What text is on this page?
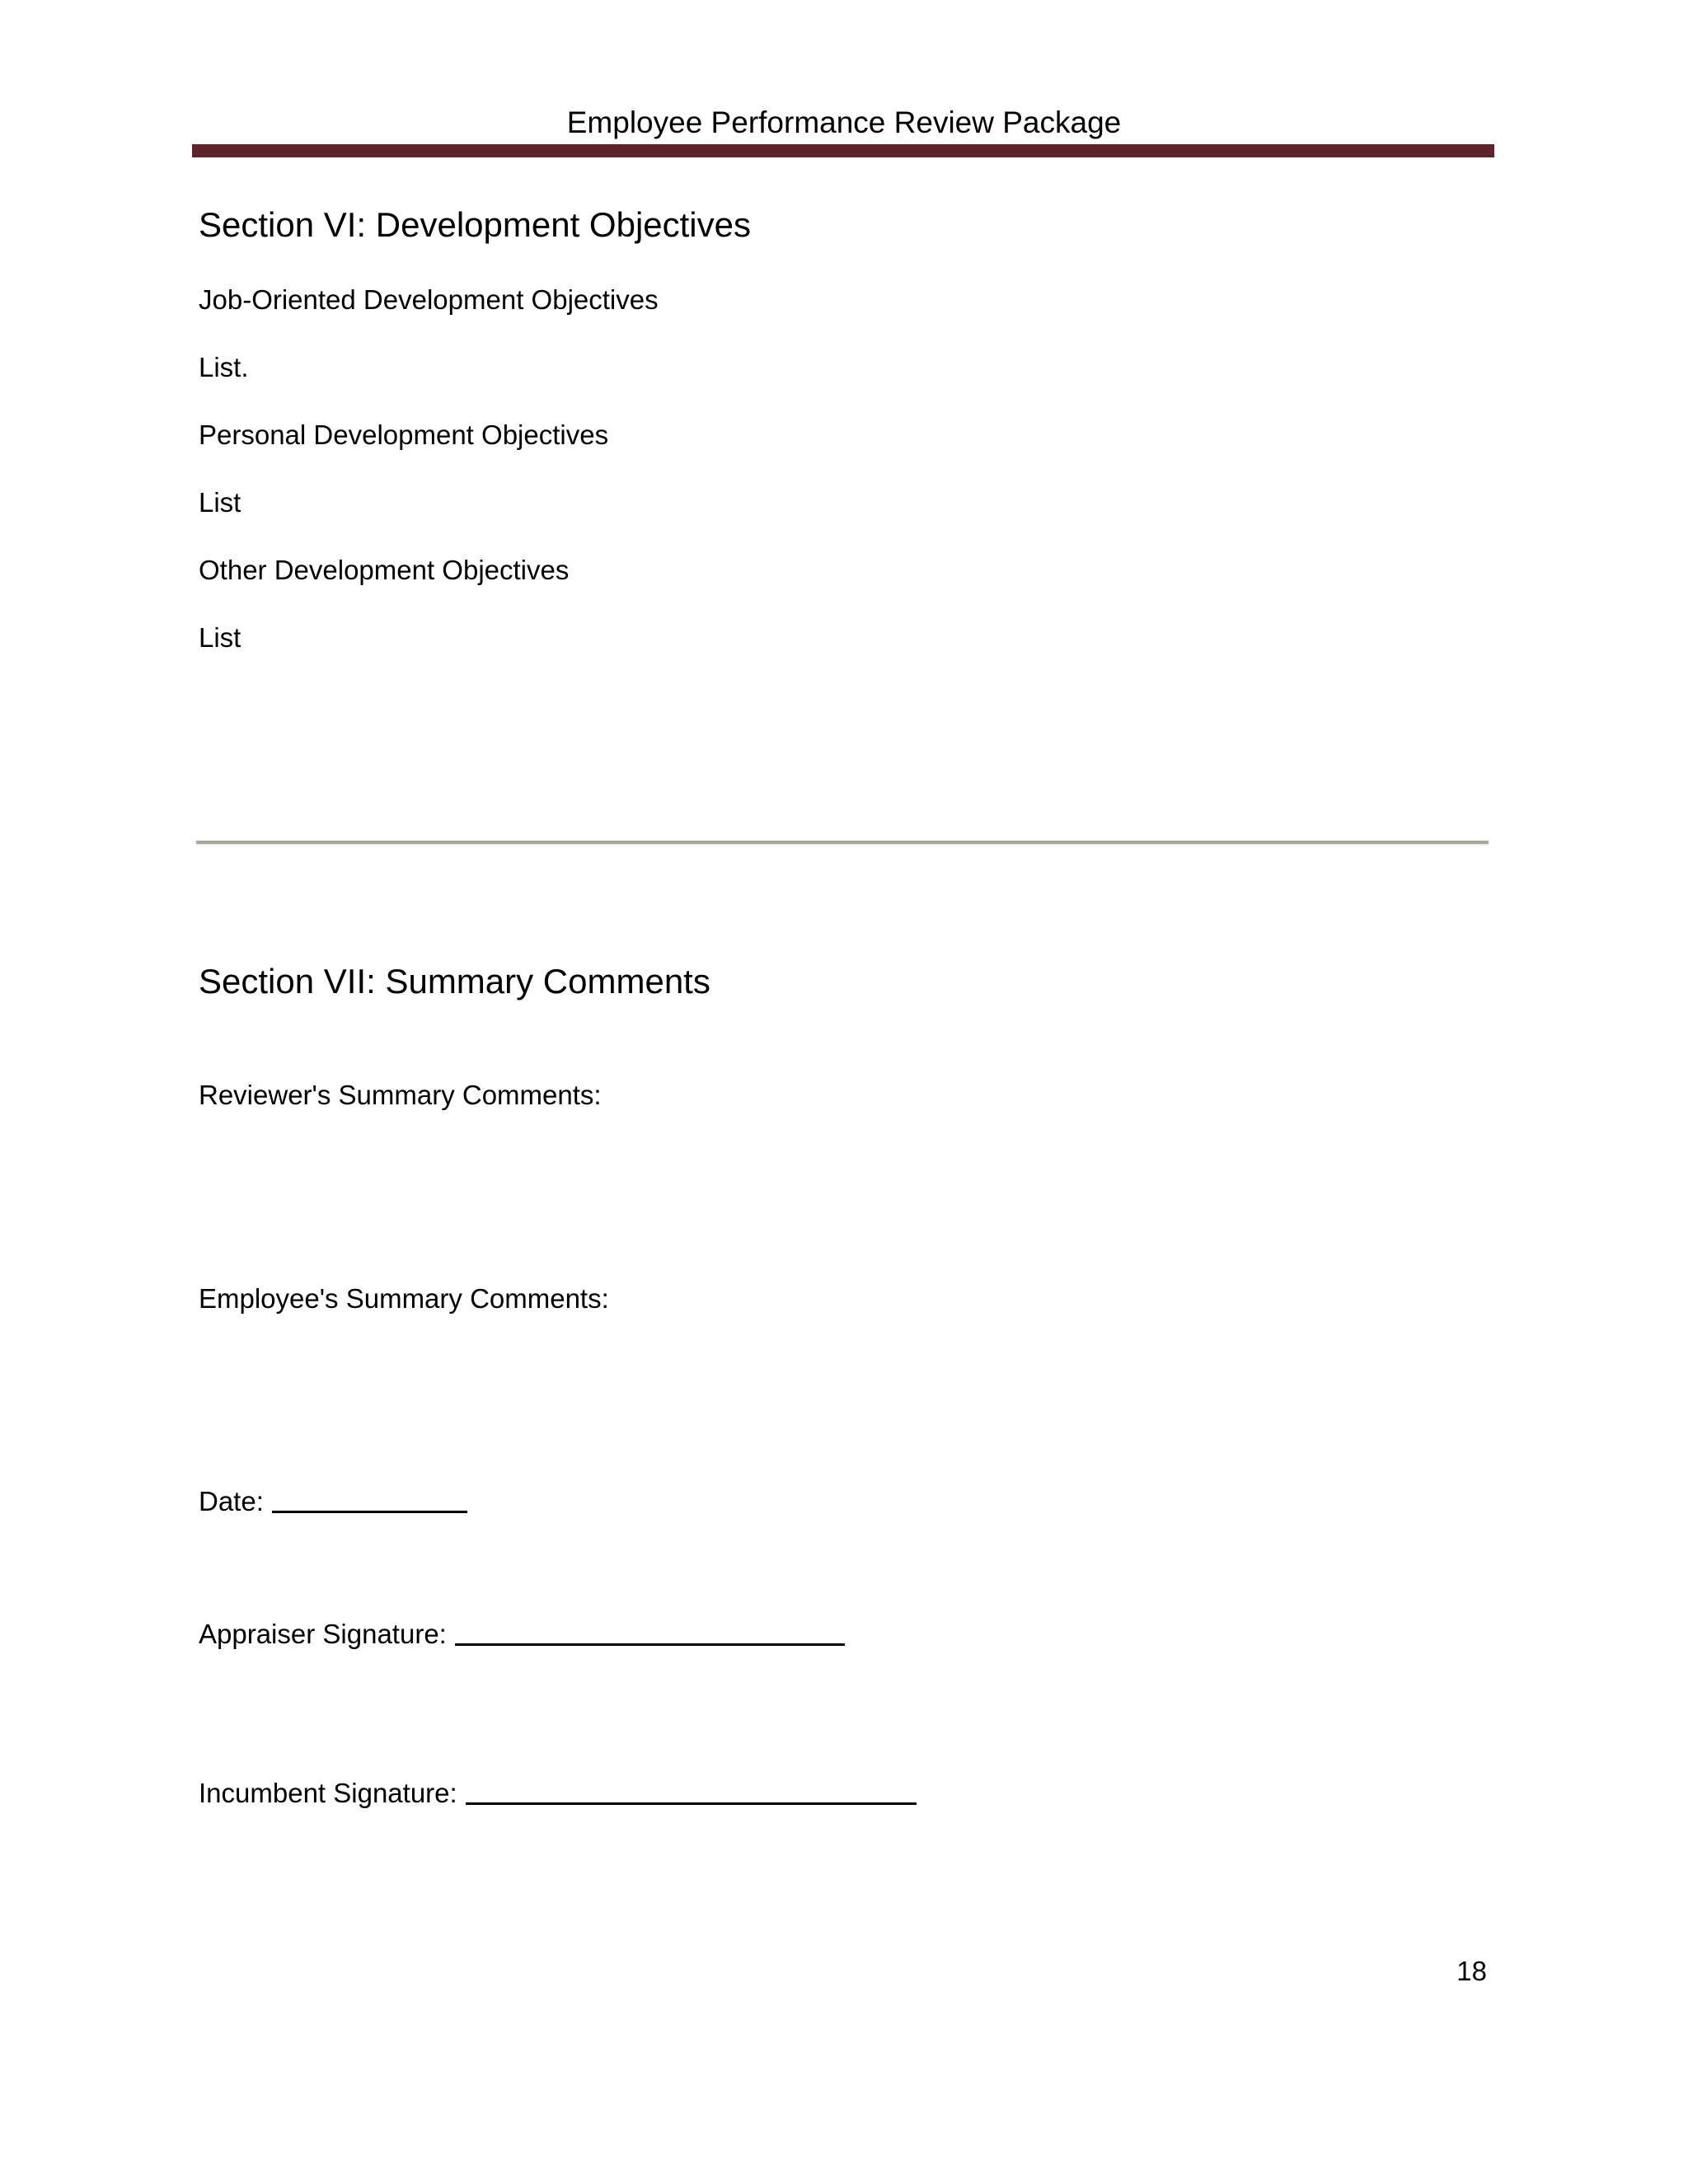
Employee Performance Review Package
Section VI: Development Objectives
Job-Oriented Development Objectives
List.
Personal Development Objectives
List
Other Development Objectives
List
Section VII: Summary Comments
Reviewer's Summary Comments:
Employee's Summary Comments:
Date:
Appraiser Signature:
Incumbent Signature:
18
